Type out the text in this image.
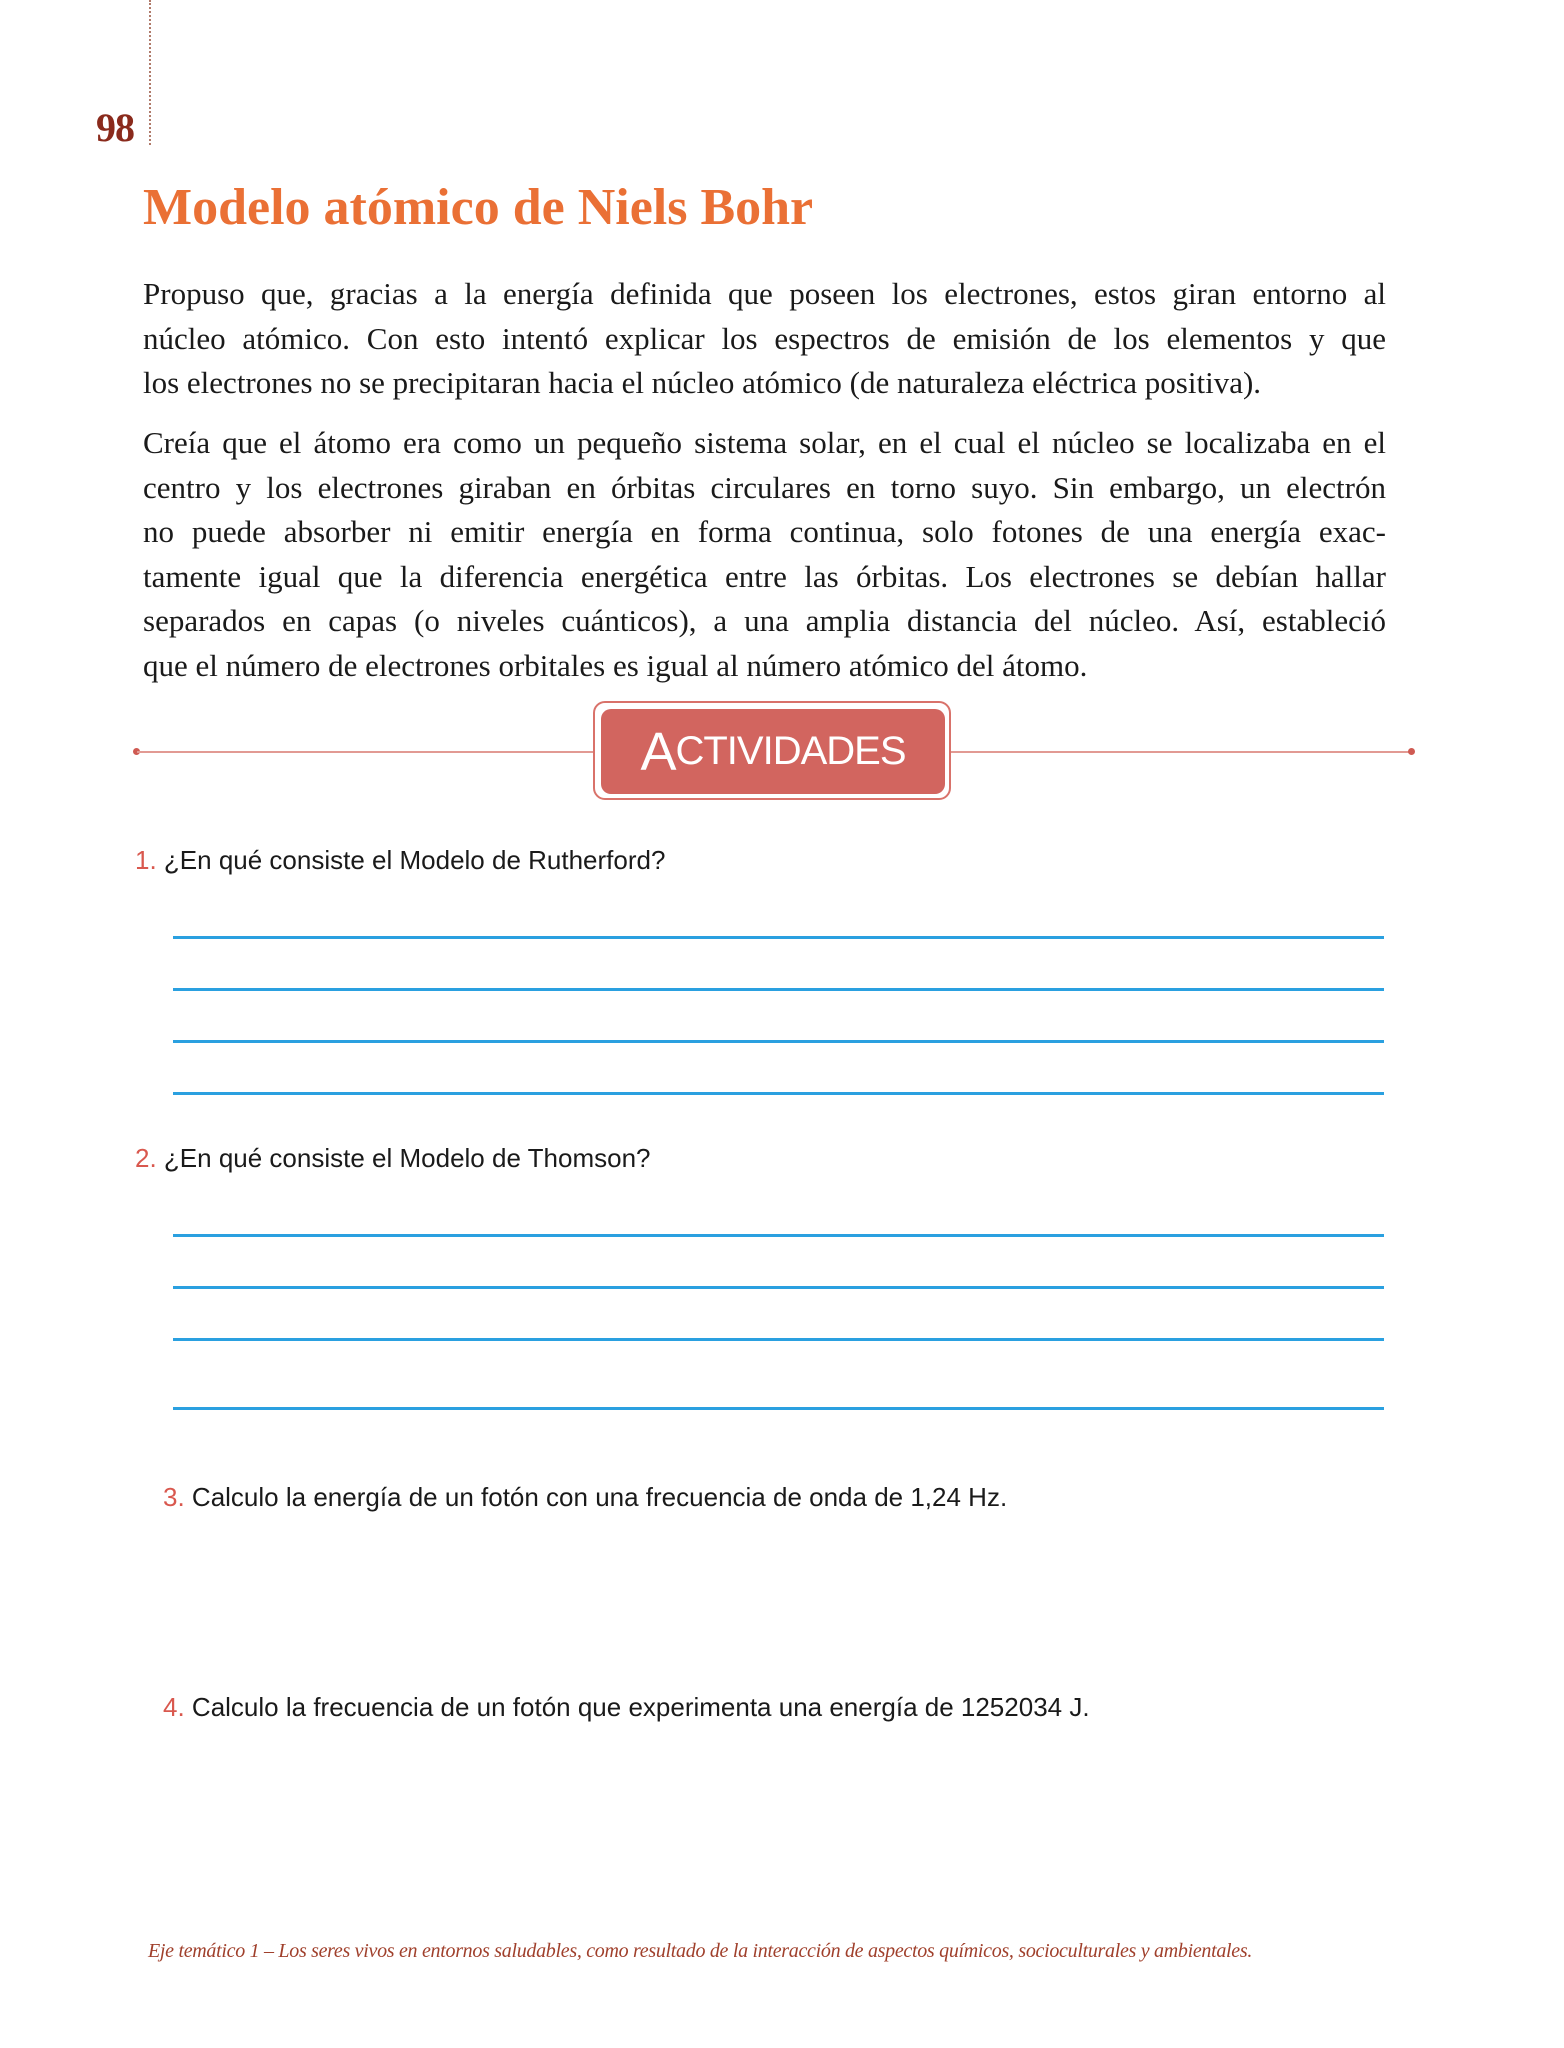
98
Modelo atómico de Niels Bohr
Propuso que, gracias a la energía definida que poseen los electrones, estos giran entorno al
núcleo atómico. Con esto intentó explicar los espectros de emisión de los elementos y que
los electrones no se precipitaran hacia el núcleo atómico (de naturaleza eléctrica positiva).
Creía que el átomo era como un pequeño sistema solar, en el cual el núcleo se localizaba en el
centro y los electrones giraban en órbitas circulares en torno suyo. Sin embargo, un electrón
no puede absorber ni emitir energía en forma continua, solo fotones de una energía exac-
tamente igual que la diferencia energética entre las órbitas. Los electrones se debían hallar
separados en capas (o niveles cuánticos), a una amplia distancia del núcleo. Así, estableció
que el número de electrones orbitales es igual al número atómico del átomo.
A CTIVIDADES
1. ¿En qué consiste el Modelo de Rutherford?
2. ¿En qué consiste el Modelo de Thomson?
3. Calculo la energía de un fotón con una frecuencia de onda de 1,24 Hz.
4. Calculo la frecuencia de un fotón que experimenta una energía de 1252034 J.
Eje temático 1 – Los seres vivos en entornos saludables, como resultado de la interacción de aspectos químicos, socioculturales y ambientales.
